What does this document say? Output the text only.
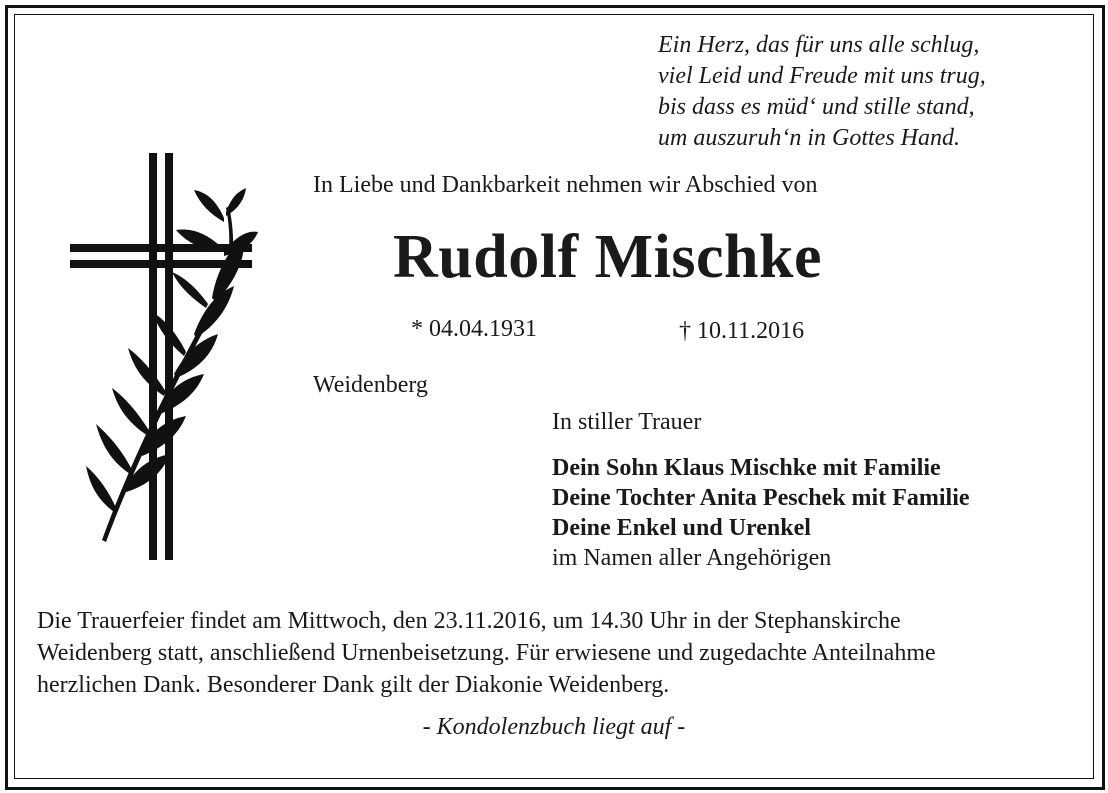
Ein Herz, das für uns alle schlug,
viel Leid und Freude mit uns trug,
bis dass es müd‘ und stille stand,
um auszuruh‘n in Gottes Hand.
In Liebe und Dankbarkeit nehmen wir Abschied von
Rudolf Mischke
* 04.04.1931	† 10.11.2016
Weidenberg
In stiller Trauer
Dein Sohn Klaus Mischke mit Familie
Deine Tochter Anita Peschek mit Familie
Deine Enkel und Urenkel
im Namen aller Angehörigen
Die Trauerfeier findet am Mittwoch, den 23.11.2016, um 14.30 Uhr in der Stephanskirche
Weidenberg statt, anschließend Urnenbeisetzung. Für erwiesene und zugedachte Anteilnahme
herzlichen Dank. Besonderer Dank gilt der Diakonie Weidenberg.
- Kondolenzbuch liegt auf -
